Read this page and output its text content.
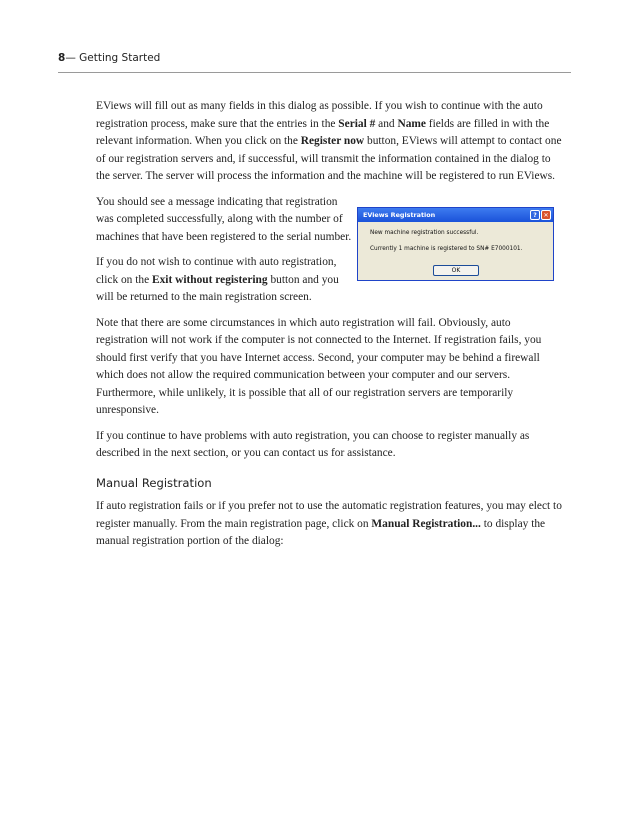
8— Getting Started

EViews will fill out as many fields in this dialog as possible. If you wish to continue with the auto registration process, make sure that the entries in the Serial # and Name fields are filled in with the relevant information. When you click on the Register now button, EViews will attempt to contact one of our registration servers and, if successful, will transmit the information contained in the dialog to the server. The server will process the information and the machine will be registered to run EViews.

You should see a message indicating that registration was completed successfully, along with the number of machines that have been registered to the serial number.

If you do not wish to continue with auto registration, click on the Exit without registering button and you will be returned to the main registration screen.

Note that there are some circumstances in which auto registration will fail. Obviously, auto registration will not work if the computer is not connected to the Internet. If registration fails, you should first verify that you have Internet access. Second, your computer may be behind a firewall which does not allow the required communication between your computer and our servers. Furthermore, while unlikely, it is possible that all of our registration servers are temporarily unresponsive.

If you continue to have problems with auto registration, you can choose to register manually as described in the next section, or you can contact us for assistance.

Manual Registration

If auto registration fails or if you prefer not to use the automatic registration features, you may elect to register manually. From the main registration page, click on Manual Registration... to display the manual registration portion of the dialog:

EViews Registration	?	✕
New machine registration successful.
Currently 1 machine is registered to SN# E7000101.
OK
